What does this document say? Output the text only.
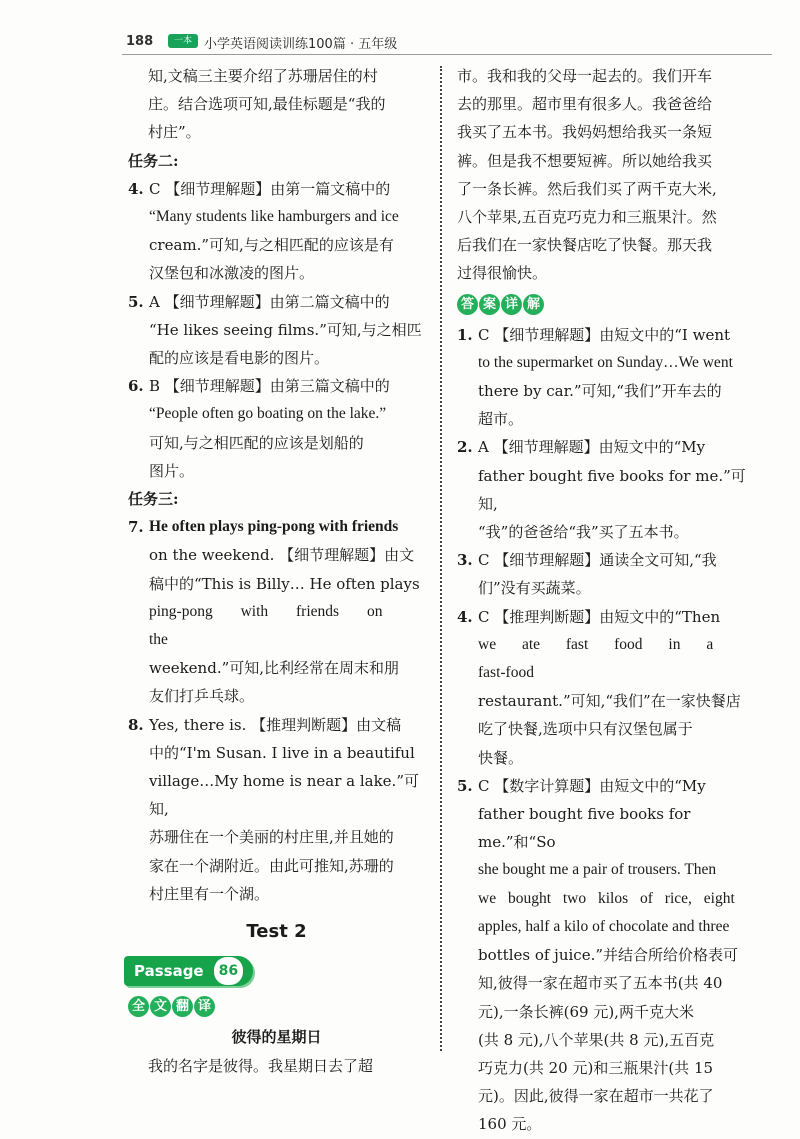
188	一本 小学英语阅读训练100篇 · 五年级

知,文稿三主要介绍了苏珊居住的村

庄。结合选项可知,最佳标题是“我的

村庄”。

任务二:

4. C 【细节理解题】由第一篇文稿中的

“Many students like hamburgers and ice

cream.”可知,与之相匹配的应该是有

汉堡包和冰激凌的图片。

5. A 【细节理解题】由第二篇文稿中的

“He likes seeing films.”可知,与之相匹

配的应该是看电影的图片。

6. B 【细节理解题】由第三篇文稿中的

“People often go boating on the lake.”

可知,与之相匹配的应该是划船的

图片。

任务三:

7. He often plays ping-pong with friends

on the weekend. 【细节理解题】由文

稿中的“This is Billy… He often plays

ping-pong with friends on the

weekend.”可知,比利经常在周末和朋

友们打乒乓球。

8. Yes, there is. 【推理判断题】由文稿

中的“I'm Susan. I live in a beautiful

village…My home is near a lake.”可知,

苏珊住在一个美丽的村庄里,并且她的

家在一个湖附近。由此可推知,苏珊的

村庄里有一个湖。

Test 2
Passage	86
全 文 翻 译

彼得的星期日

我的名字是彼得。我星期日去了超

市。我和我的父母一起去的。我们开车

去的那里。超市里有很多人。我爸爸给

我买了五本书。我妈妈想给我买一条短

裤。但是我不想要短裤。所以她给我买

了一条长裤。然后我们买了两千克大米,

八个苹果,五百克巧克力和三瓶果汁。然

后我们在一家快餐店吃了快餐。那天我

过得很愉快。

答 案 详 解
1. C 【细节理解题】由短文中的“I went

to the supermarket on Sunday…We went

there by car.”可知,“我们”开车去的

超市。

2. A 【细节理解题】由短文中的“My

father bought five books for me.”可知,

“我”的爸爸给“我”买了五本书。

3. C 【细节理解题】通读全文可知,“我

们”没有买蔬菜。

4. C 【推理判断题】由短文中的“Then

we ate fast food in a fast-food

restaurant.”可知,“我们”在一家快餐店

吃了快餐,选项中只有汉堡包属于

快餐。

5. C 【数字计算题】由短文中的“My

father bought five books for me.”和“So

she bought me a pair of trousers. Then

we bought two kilos of rice, eight

apples, half a kilo of chocolate and three

bottles of juice.”并结合所给价格表可

知,彼得一家在超市买了五本书(共 40

元),一条长裤(69 元),两千克大米

(共 8 元),八个苹果(共 8 元),五百克

巧克力(共 20 元)和三瓶果汁(共 15

元)。因此,彼得一家在超市一共花了

160 元。
